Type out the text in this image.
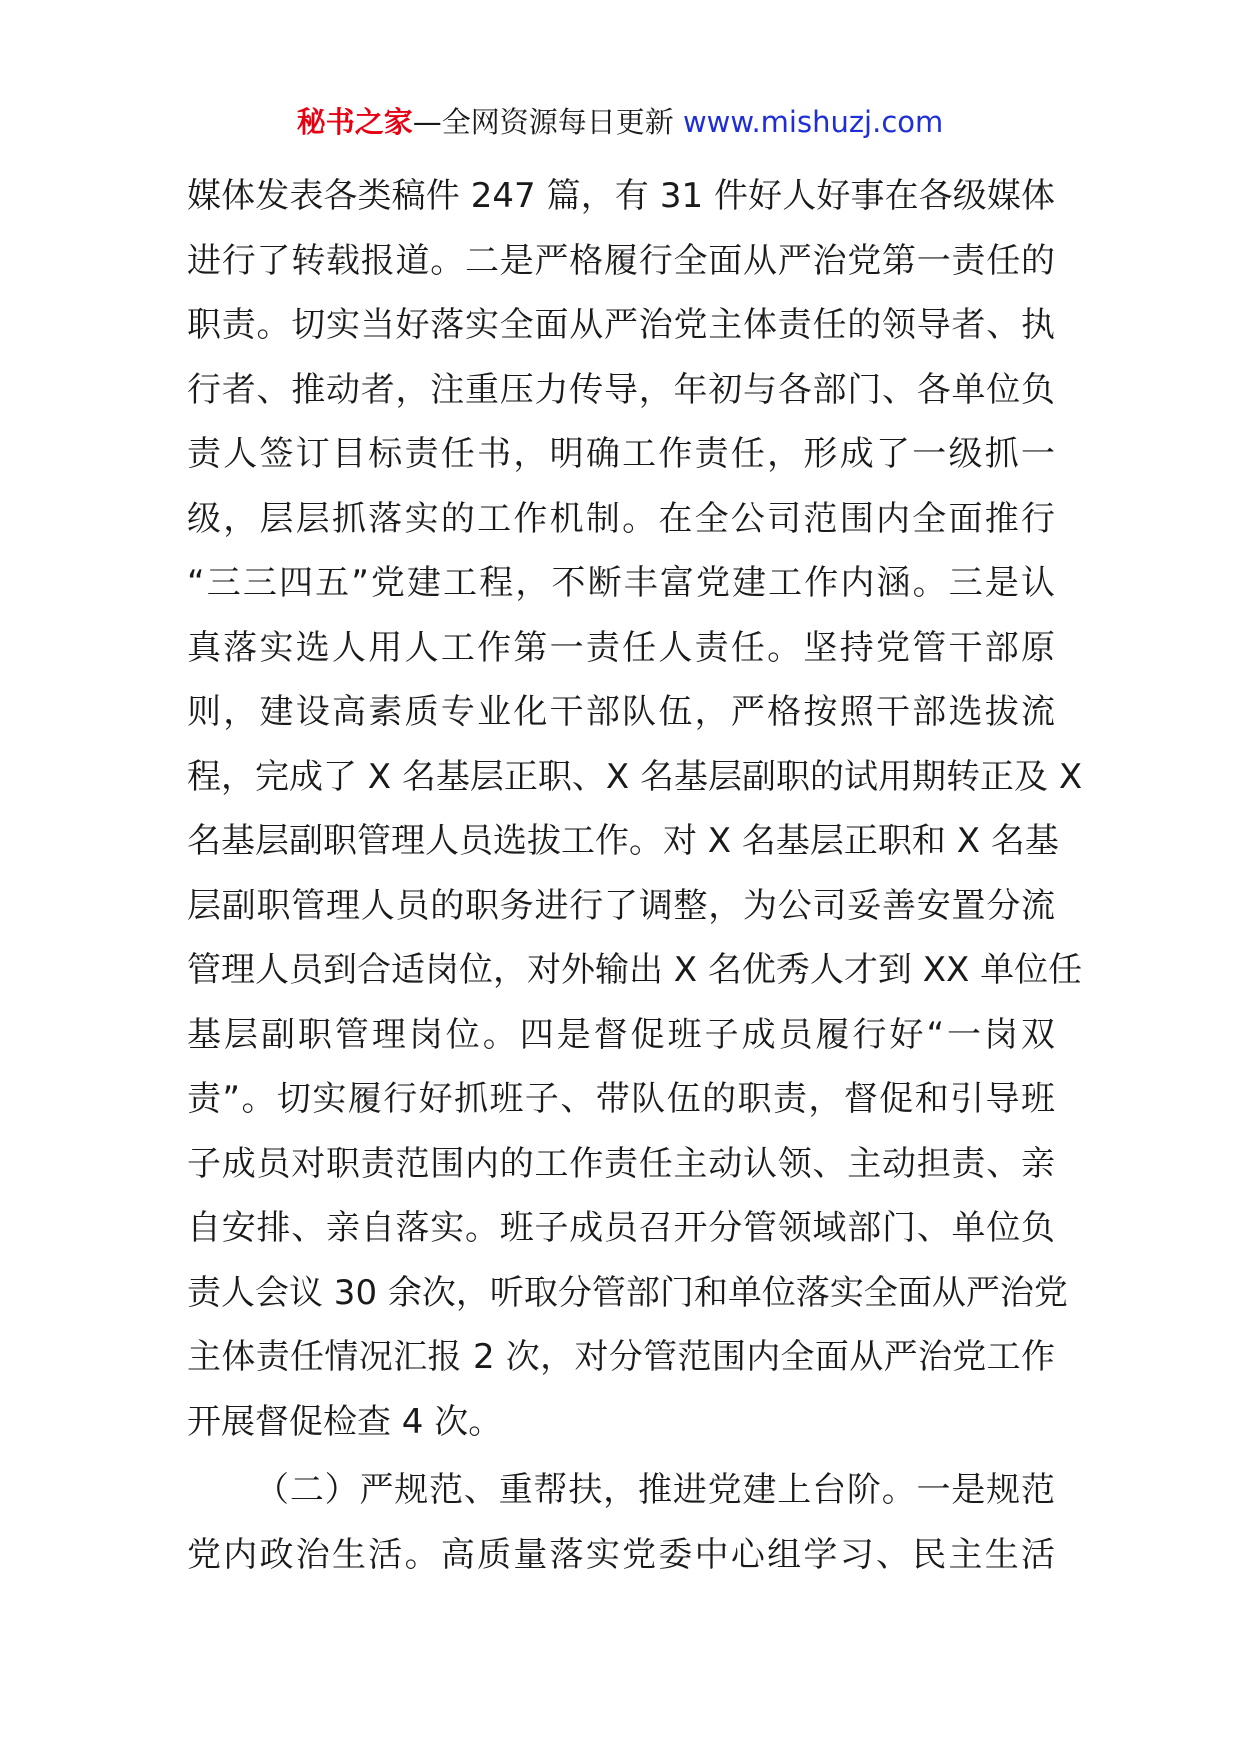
秘书之家—全网资源每日更新 www.mishuzj.com
媒体发表各类稿件 247 篇，有 31 件好人好事在各级媒体
进行了转载报道。二是严格履行全面从严治党第一责任的
职责。切实当好落实全面从严治党主体责任的领导者、执
行者、推动者，注重压力传导，年初与各部门、各单位负
责人签订目标责任书，明确工作责任，形成了一级抓一
级，层层抓落实的工作机制。在全公司范围内全面推行
“三三四五”党建工程，不断丰富党建工作内涵。三是认
真落实选人用人工作第一责任人责任。坚持党管干部原
则，建设高素质专业化干部队伍，严格按照干部选拔流
程，完成了 X 名基层正职、X 名基层副职的试用期转正及 X
名基层副职管理人员选拔工作。对 X 名基层正职和 X 名基
层副职管理人员的职务进行了调整，为公司妥善安置分流
管理人员到合适岗位，对外输出 X 名优秀人才到 XX 单位任
基层副职管理岗位。四是督促班子成员履行好“一岗双
责”。切实履行好抓班子、带队伍的职责，督促和引导班
子成员对职责范围内的工作责任主动认领、主动担责、亲
自安排、亲自落实。班子成员召开分管领域部门、单位负
责人会议 30 余次，听取分管部门和单位落实全面从严治党
主体责任情况汇报 2 次，对分管范围内全面从严治党工作
开展督促检查 4 次。
（二）严规范、重帮扶，推进党建上台阶。一是规范
党内政治生活。高质量落实党委中心组学习、民主生活
